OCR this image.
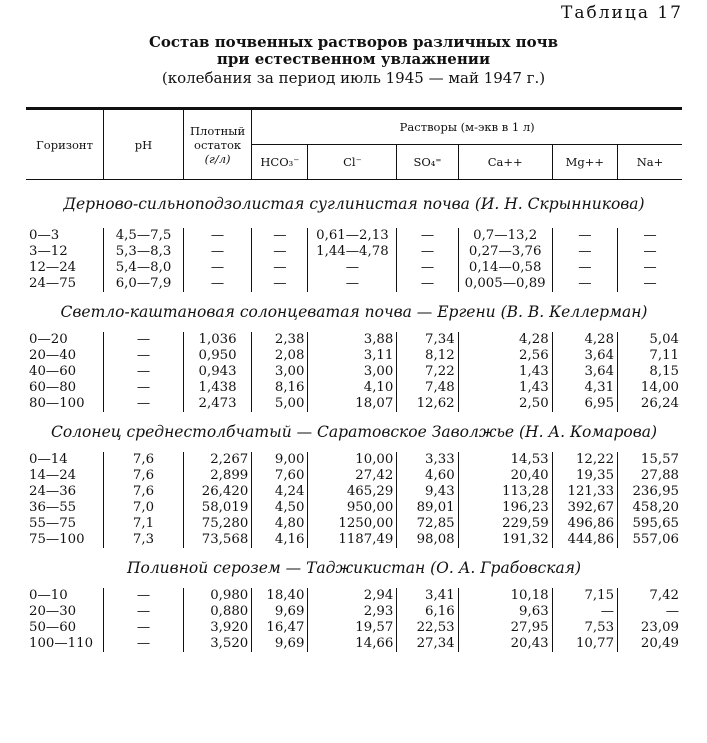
Таблица 17
Состав почвенных растворов различных почв
при естественном увлажнении
(колебания за период июль 1945 — май 1947 г.)
Горизонт	pH	Плотный
остаток
(г/л)	Растворы (м-экв в 1 л)					
			HCO₃⁻	Cl⁻	SO₄⁼	Ca++	Mg++	Na+
Дерново-сильноподзолистая суглинистая почва (И. Н. Скрынникова)								
0—3	4,5—7,5	—	—	0,61—2,13	—	0,7—13,2	—	—
3—12	5,3—8,3	—	—	1,44—4,78	—	0,27—3,76	—	—
12—24	5,4—8,0	—	—	—	—	0,14—0,58	—	—
24—75	6,0—7,9	—	—	—	—	0,005—0,89	—	—
Светло-каштановая солонцеватая почва — Ергени (В. В. Келлерман)								
0—20	—	1,036	2,38	3,88	7,34	4,28	4,28	5,04
20—40	—	0,950	2,08	3,11	8,12	2,56	3,64	7,11
40—60	—	0,943	3,00	3,00	7,22	1,43	3,64	8,15
60—80	—	1,438	8,16	4,10	7,48	1,43	4,31	14,00
80—100	—	2,473	5,00	18,07	12,62	2,50	6,95	26,24
Солонец среднестолбчатый — Саратовское Заволжье (Н. А. Комарова)								
0—14	7,6	2,267	9,00	10,00	3,33	14,53	12,22	15,57
14—24	7,6	2,899	7,60	27,42	4,60	20,40	19,35	27,88
24—36	7,6	26,420	4,24	465,29	9,43	113,28	121,33	236,95
36—55	7,0	58,019	4,50	950,00	89,01	196,23	392,67	458,20
55—75	7,1	75,280	4,80	1250,00	72,85	229,59	496,86	595,65
75—100	7,3	73,568	4,16	1187,49	98,08	191,32	444,86	557,06
Поливной серозем — Таджикистан (О. А. Грабовская)								
0—10	—	0,980	18,40	2,94	3,41	10,18	7,15	7,42
20—30	—	0,880	9,69	2,93	6,16	9,63	—	—
50—60	—	3,920	16,47	19,57	22,53	27,95	7,53	23,09
100—110	—	3,520	9,69	14,66	27,34	20,43	10,77	20,49
